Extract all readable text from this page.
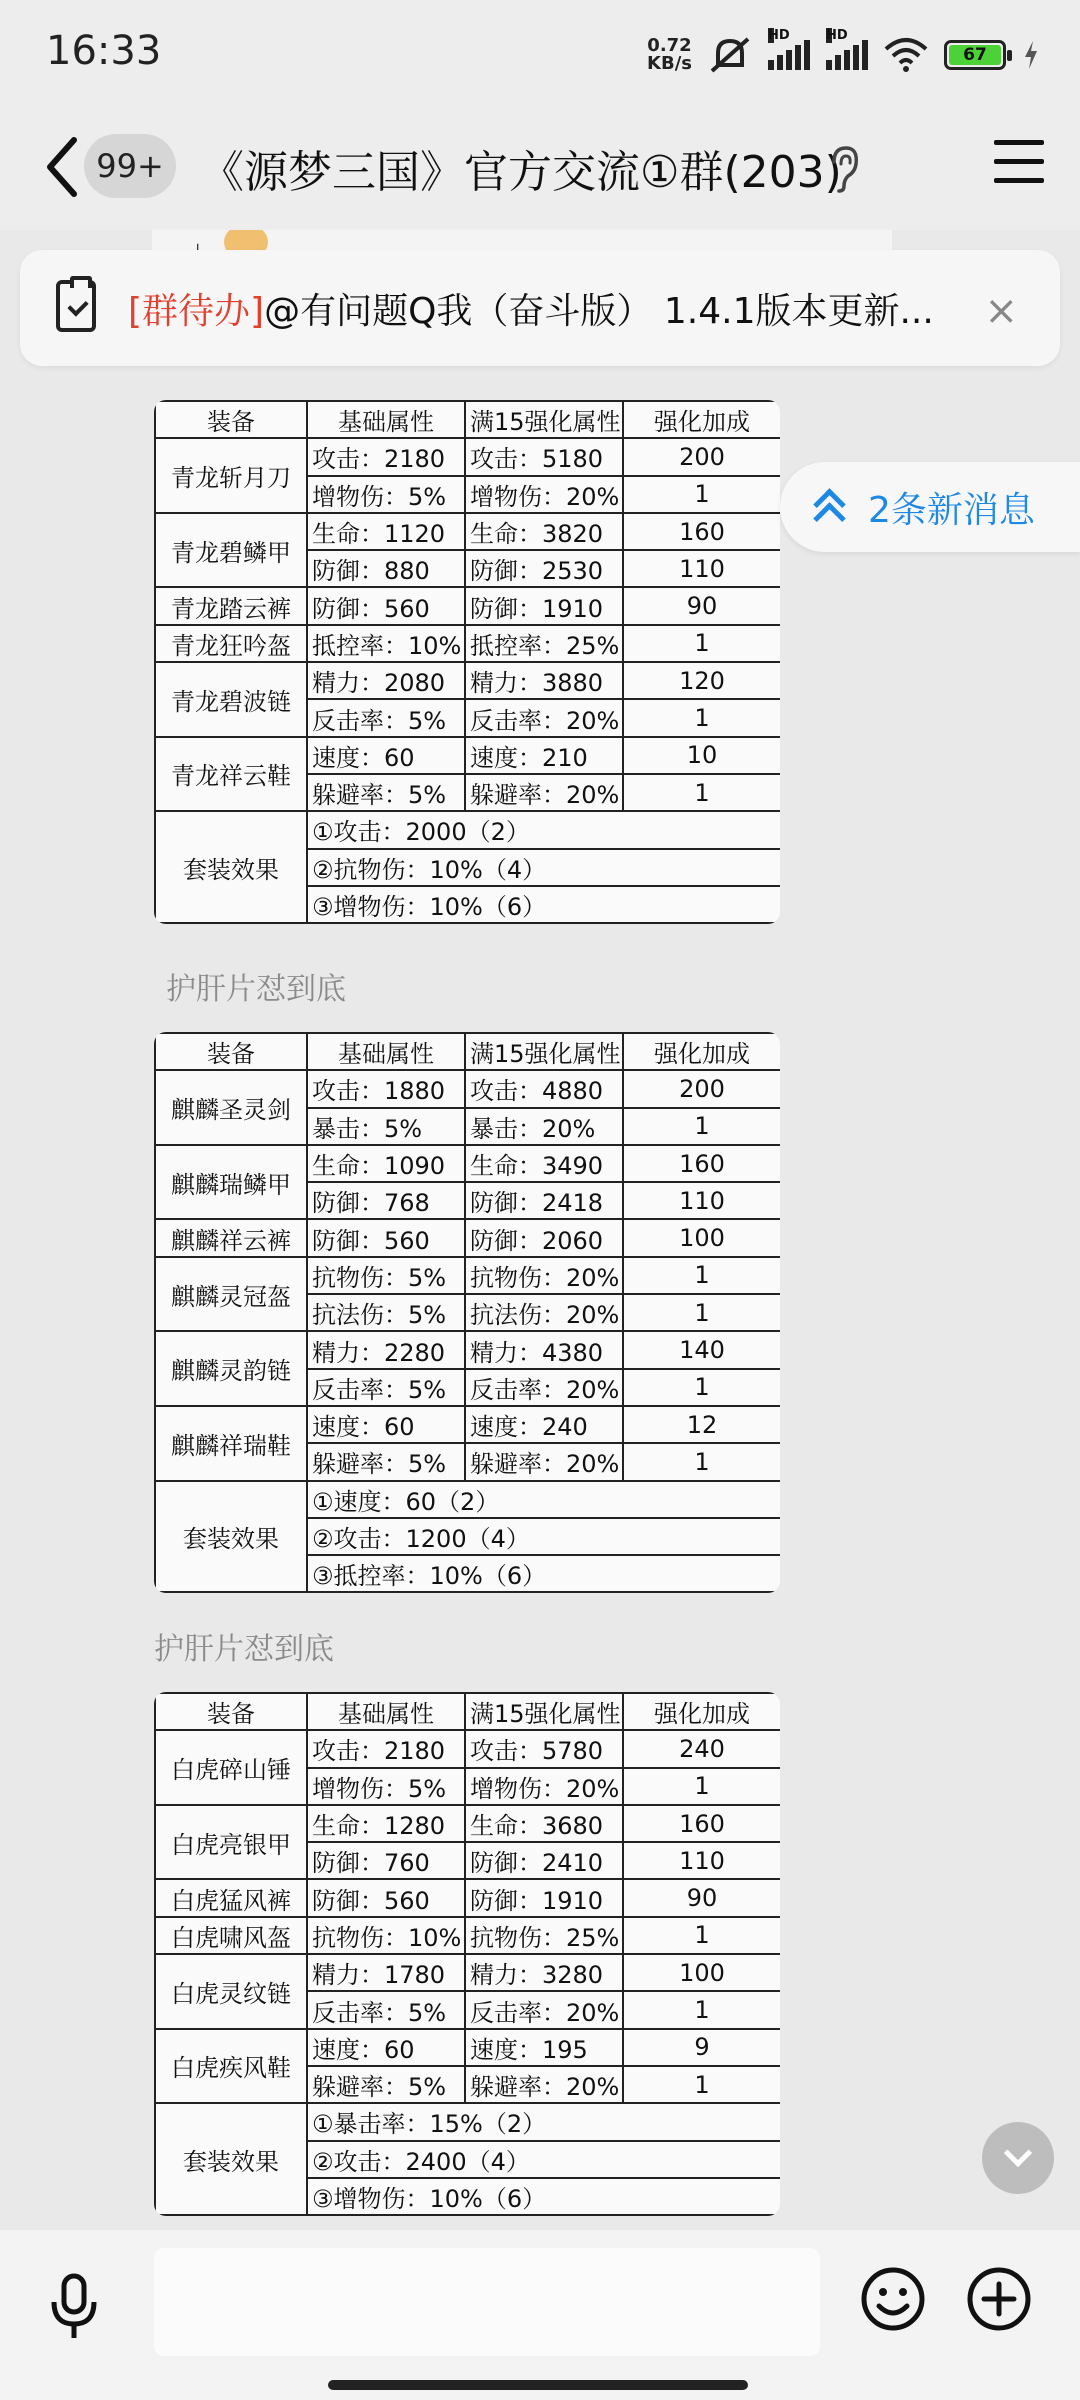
16:33	0.72
KB/s
HD	HD
67
99+ 《源梦三国》官方交流①群(203)
[群待办]@有问题Q我（奋斗版） 1.4.1版本更新...	×
装备	基础属性	满15强化属性	强化加成
青龙斩月刀	攻击：2180	攻击：5180	200
	增物伤：5%	增物伤：20%	1
青龙碧鳞甲	生命：1120	生命：3820	160
	防御：880	防御：2530	110
青龙踏云裤	防御：560	防御：1910	90
青龙狂吟盔	抵控率：10%	抵控率：25%	1
青龙碧波链	精力：2080	精力：3880	120
	反击率：5%	反击率：20%	1
青龙祥云鞋	速度：60	速度：210	10
	躲避率：5%	躲避率：20%	1
套装效果	①攻击：2000（2）		
	②抗物伤：10%（4）		
	③增物伤：10%（6）		
2条新消息
护肝片怼到底
装备	基础属性	满15强化属性	强化加成
麒麟圣灵剑	攻击：1880	攻击：4880	200
	暴击：5%	暴击：20%	1
麒麟瑞鳞甲	生命：1090	生命：3490	160
	防御：768	防御：2418	110
麒麟祥云裤	防御：560	防御：2060	100
麒麟灵冠盔	抗物伤：5%	抗物伤：20%	1
	抗法伤：5%	抗法伤：20%	1
麒麟灵韵链	精力：2280	精力：4380	140
	反击率：5%	反击率：20%	1
麒麟祥瑞鞋	速度：60	速度：240	12
	躲避率：5%	躲避率：20%	1
套装效果	①速度：60（2）		
	②攻击：1200（4）		
	③抵控率：10%（6）		
护肝片怼到底
装备	基础属性	满15强化属性	强化加成
白虎碎山锤	攻击：2180	攻击：5780	240
	增物伤：5%	增物伤：20%	1
白虎亮银甲	生命：1280	生命：3680	160
	防御：760	防御：2410	110
白虎猛风裤	防御：560	防御：1910	90
白虎啸风盔	抗物伤：10%	抗物伤：25%	1
白虎灵纹链	精力：1780	精力：3280	100
	反击率：5%	反击率：20%	1
白虎疾风鞋	速度：60	速度：195	9
	躲避率：5%	躲避率：20%	1
套装效果	①暴击率：15%（2）		
	②攻击：2400（4）		
	③增物伤：10%（6）		
